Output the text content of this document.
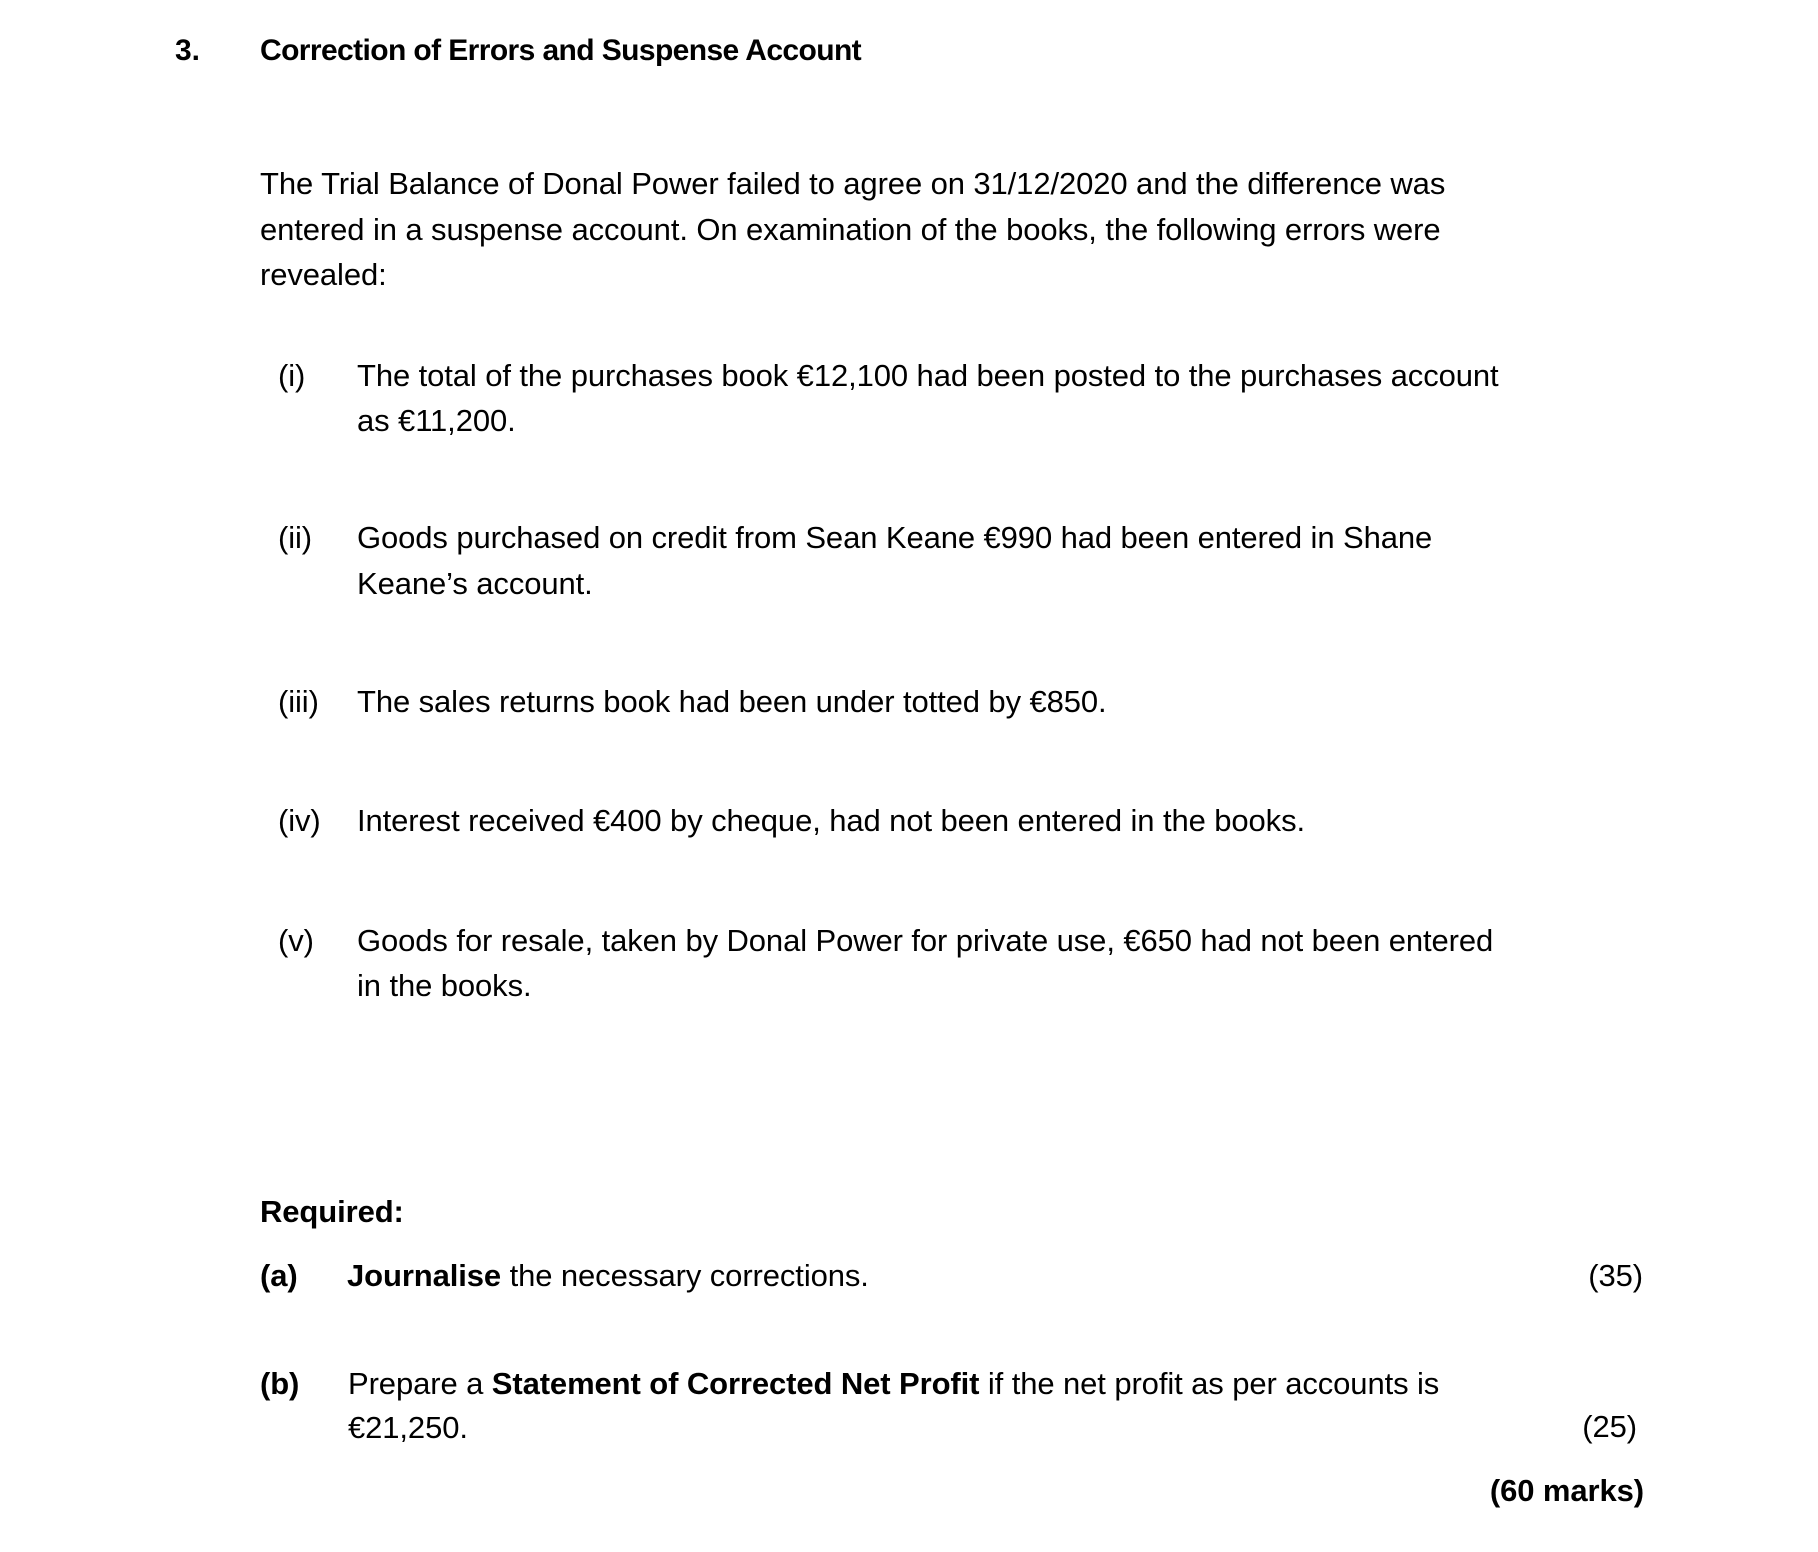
3. Correction of Errors and Suspense Account
The Trial Balance of Donal Power failed to agree on 31/12/2020 and the difference was
entered in a suspense account. On examination of the books, the following errors were
revealed:
(i) The total of the purchases book €12,100 had been posted to the purchases account
as €11,200.
(ii) Goods purchased on credit from Sean Keane €990 had been entered in Shane
Keane’s account.
(iii) The sales returns book had been under totted by €850.
(iv) Interest received €400 by cheque, had not been entered in the books.
(v) Goods for resale, taken by Donal Power for private use, €650 had not been entered
in the books.
Required:
(a) Journalise the necessary corrections.	(35)
(b) Prepare a Statement of Corrected Net Profit if the net profit as per accounts is
€21,250.	(25)
(60 marks)
